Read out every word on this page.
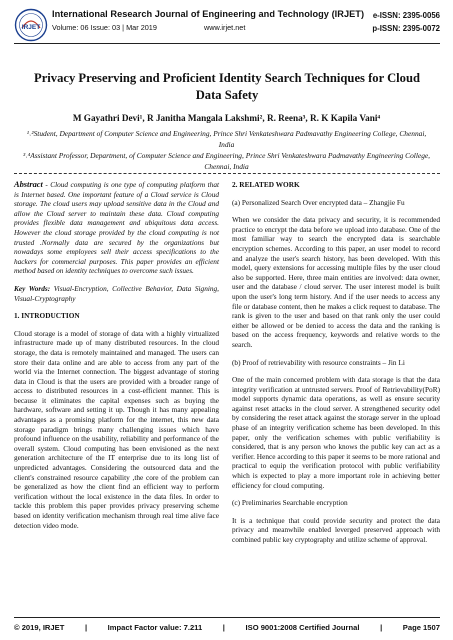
IRJET
International Research Journal of Engineering and Technology (IRJET) e-ISSN: 2395-0056
Volume: 06 Issue: 03 | Mar 2019	www.irjet.net	p-ISSN: 2395-0072
Privacy Preserving and Proficient Identity Search Techniques for Cloud Data Safety
M Gayathri Devi¹, R Janitha Mangala Lakshmi², R. Reena³, R. K Kapila Vani⁴

¹˒²Student, Department of Computer Science and Engineering, Prince Shri Venkateshwara Padmavathy Engineering College, Chennai, India

³˒⁴Assistant Professor, Department, of Computer Science and Engineering, Prince Shri Venkateshwara Padmavathy Engineering College, Chennai, India

Abstract - Cloud computing is one type of computing platform that is Internet based. One important feature of a Cloud service is Cloud storage. The cloud users may upload sensitive data in the Cloud and allow the Cloud server to maintain these data. Cloud computing provides flexible data management and ubiquitous data access. However the cloud storage provided by the cloud computing is not trusted .Normally data are secured by the organizations but nowadays some employees sell their access specifications to the hackers for commercial purposes. This paper provides an efficient method based on identity techniques to overcome such issues.

Key Words: Visual-Encryption, Collective Behavior, Data Signing, Visual-Cryptography

1. INTRODUCTION

Cloud storage is a model of storage of data with a highly virtualized infrastructure made up of many distributed resources. In the cloud storage, the data is remotely maintained and managed. The users can store their data online and are able to access from any part of the world via the Internet connection. The biggest advantage of storing data in Cloud is that the users are provided with a broader range of access to distributed resources in a cost-efficient manner. This is because it eliminates the capital expenses such as buying the hardware, software and setting it up. Though it has many appealing advantages as a promising platform for the internet, this new data storage paradigm brings many challenging issues which have profound influence on the usability, reliability and performance of the overall system. Cloud computing has been envisioned as the next generation architecture of the IT enterprise due to its long list of unpredicted advantages. Considering the outsourced data and the client's constrained resource capability ,the core of the problem can be generalized as how the client find an efficient way to perform verification without the local existence in the data files. In order to tackle this problem this paper provides privacy preserving scheme based on identity verification mechanism through real time alive face detection video mode.

2. RELATED WORK

(a) Personalized Search Over encrypted data – Zhangjie Fu

When we consider the data privacy and security, it is recommended practice to encrypt the data before we upload into database. One of the most familiar way to search the encrypted data is searchable encryption schemes. According to this paper, an user model to record and analyze the user's search history, has been developed. With this model, query extensions for accessing multiple files by the user cloud also be supported. Here, three main entities are involved: data owner, user and the database / cloud server. The user interest model is built upon the user's long term history. And if the user needs to access any file or database content, then he makes a click request to database. The rank is given to the user and based on that rank only the user could either be allowed or be denied to access the data and the ranking is based on the access frequency, keywords and relative words to the search.

(b) Proof of retrievability with resource constraints – Jin Li

One of the main concerned problem with data storage is that the data integrity verification at untrusted servers. Proof of Retrievability(PoR) model supports dynamic data operations, as well as ensure security against reset attacks in the cloud server. A strengthened security odel by considering the reset attack against the storage server in the upload phase of an integrity verification scheme has been developed. In this paper, only the verification schemes with public verifiability is considered, that is any person who knows the public key can act as a verifier. Hence according to this paper it seems to be more rational and practical to equip the verification protocol with public verifiability which is expected to play a more important role in achieving better efficiency for cloud computing.

(c) Preliminaries Searchable encryption

It is a technique that could provide security and protect the data privacy and meanwhile enabled leverged preserved approach with combined public key cryptography and utilize scheme of approval.

© 2019, IRJET	|	Impact Factor value: 7.211	|	ISO 9001:2008 Certified Journal	|	Page 1507
